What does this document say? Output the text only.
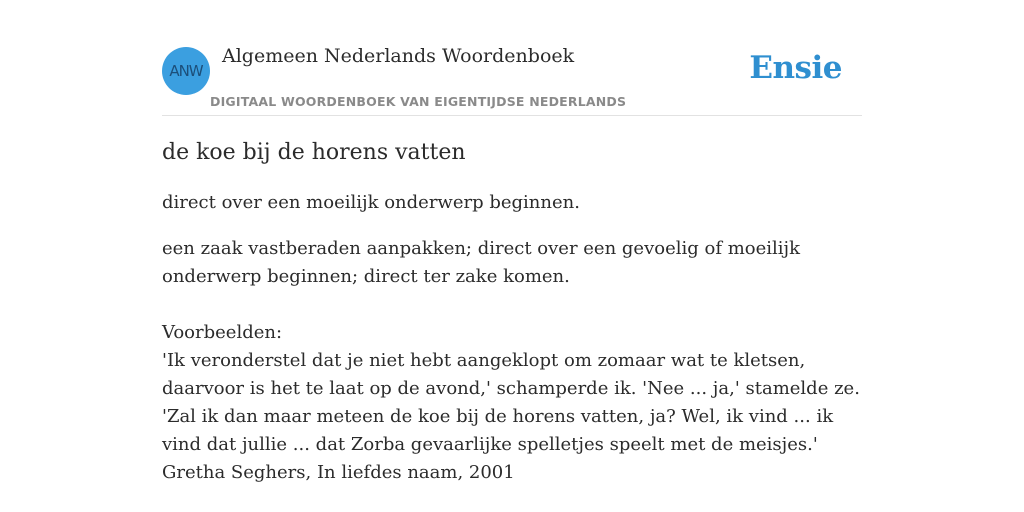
ANW
Algemeen Nederlands Woordenboek
DIGITAAL WOORDENBOEK VAN EIGENTIJDSE NEDERLANDS
Ensie
de koe bij de horens vatten

direct over een moeilijk onderwerp beginnen.

een zaak vastberaden aanpakken; direct over een gevoelig of moeilijk onderwerp beginnen; direct ter zake komen.

Voorbeelden:

'Ik veronderstel dat je niet hebt aangeklopt om zomaar wat te kletsen, daarvoor is het te laat op de avond,' schamperde ik. 'Nee ... ja,' stamelde ze. 'Zal ik dan maar meteen de koe bij de horens vatten, ja? Wel, ik vind ... ik vind dat jullie ... dat Zorba gevaarlijke spelletjes speelt met de meisjes.'

Gretha Seghers, In liefdes naam, 2001
